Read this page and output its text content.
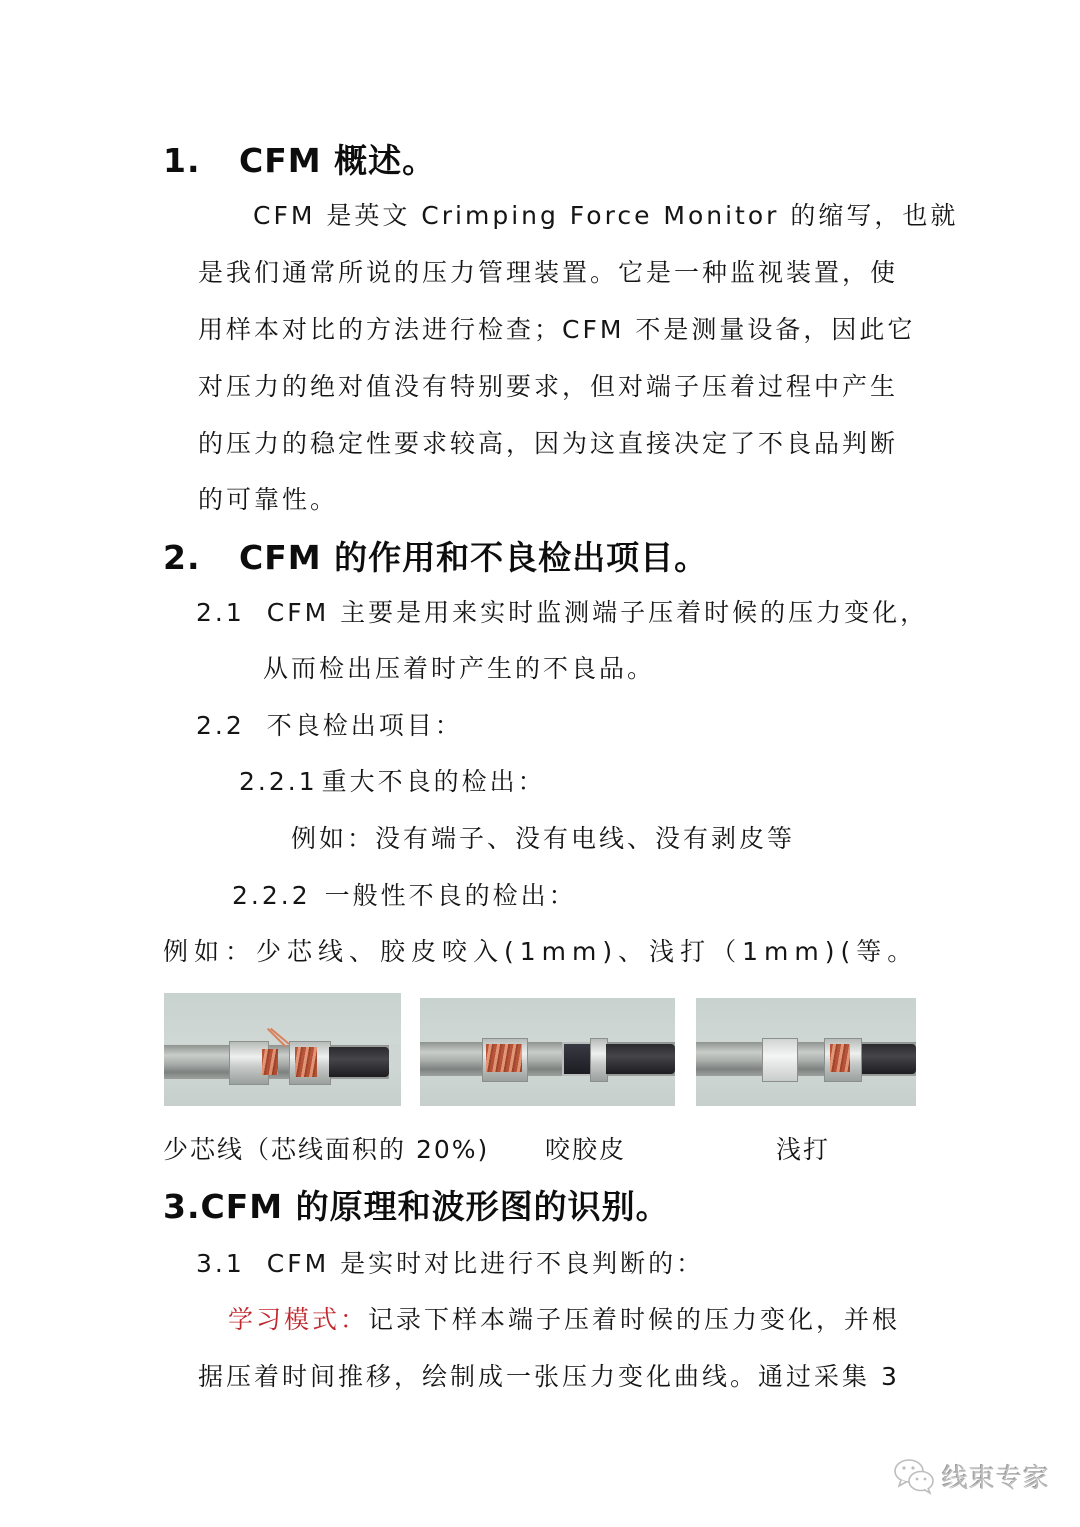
1. CFM 概述。
CFM 是英文 Crimping Force Monitor 的缩写，也就
是我们通常所说的压力管理装置。它是一种监视装置，使
用样本对比的方法进行检查；CFM 不是测量设备，因此它
对压力的绝对值没有特别要求，但对端子压着过程中产生
的压力的稳定性要求较高，因为这直接决定了不良品判断
的可靠性。
2. CFM 的作用和不良检出项目。
2.1 CFM 主要是用来实时监测端子压着时候的压力变化，
从而检出压着时产生的不良品。
2.2 不良检出项目：
2.2.1 重大不良的检出：
例如：没有端子、没有电线、没有剥皮等
2.2.2 一般性不良的检出：
例如：少芯线、胶皮咬入(1mm)、浅打（1mm)(等。
少芯线（芯线面积的 20%) 咬胶皮	浅打
3.CFM 的原理和波形图的识别。
3.1 CFM 是实时对比进行不良判断的：
学习模式：记录下样本端子压着时候的压力变化，并根
据压着时间推移，绘制成一张压力变化曲线。通过采集 3
线束专家
